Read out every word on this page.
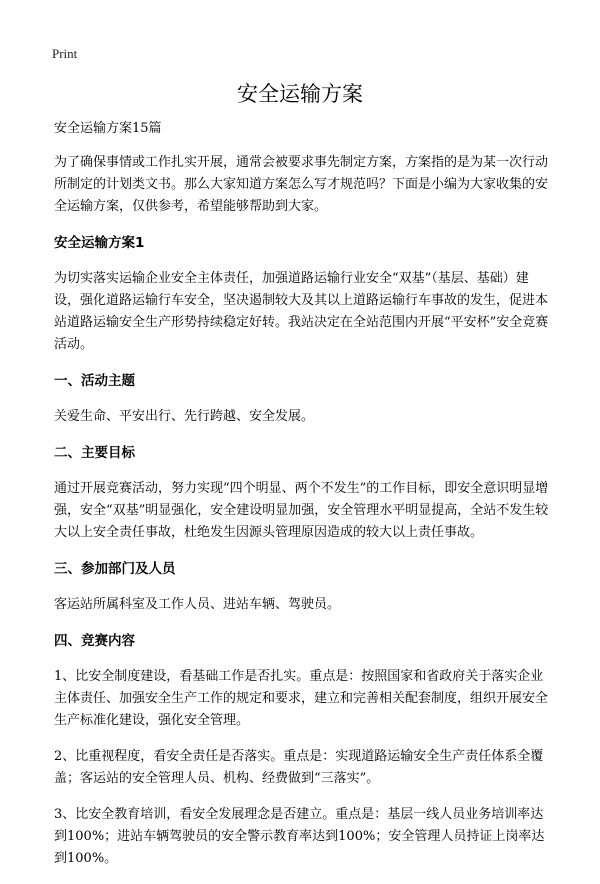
Print
安全运输方案

安全运输方案15篇

为了确保事情或工作扎实开展，通常会被要求事先制定方案，方案指的是为某一次行动所制定的计划类文书。那么大家知道方案怎么写才规范吗？下面是小编为大家收集的安全运输方案，仅供参考，希望能够帮助到大家。

安全运输方案1

为切实落实运输企业安全主体责任，加强道路运输行业安全“双基”（基层、基础）建设，强化道路运输行车安全，坚决遏制较大及其以上道路运输行车事故的发生，促进本站道路运输安全生产形势持续稳定好转。我站决定在全站范围内开展“平安杯”安全竞赛活动。

一、活动主题

关爱生命、平安出行、先行跨越、安全发展。

二、主要目标

通过开展竞赛活动，努力实现“四个明显、两个不发生”的工作目标，即安全意识明显增强，安全“双基”明显强化，安全建设明显加强，安全管理水平明显提高，全站不发生较大以上安全责任事故，杜绝发生因源头管理原因造成的较大以上责任事故。

三、参加部门及人员

客运站所属科室及工作人员、进站车辆、驾驶员。

四、竞赛内容

1、比安全制度建设，看基础工作是否扎实。重点是：按照国家和省政府关于落实企业主体责任、加强安全生产工作的规定和要求，建立和完善相关配套制度，组织开展安全生产标准化建设，强化安全管理。

2、比重视程度，看安全责任是否落实。重点是：实现道路运输安全生产责任体系全覆盖；客运站的安全管理人员、机构、经费做到“三落实”。

3、比安全教育培训，看安全发展理念是否建立。重点是：基层一线人员业务培训率达到100%；进站车辆驾驶员的安全警示教育率达到100%；安全管理人员持证上岗率达到100%。
